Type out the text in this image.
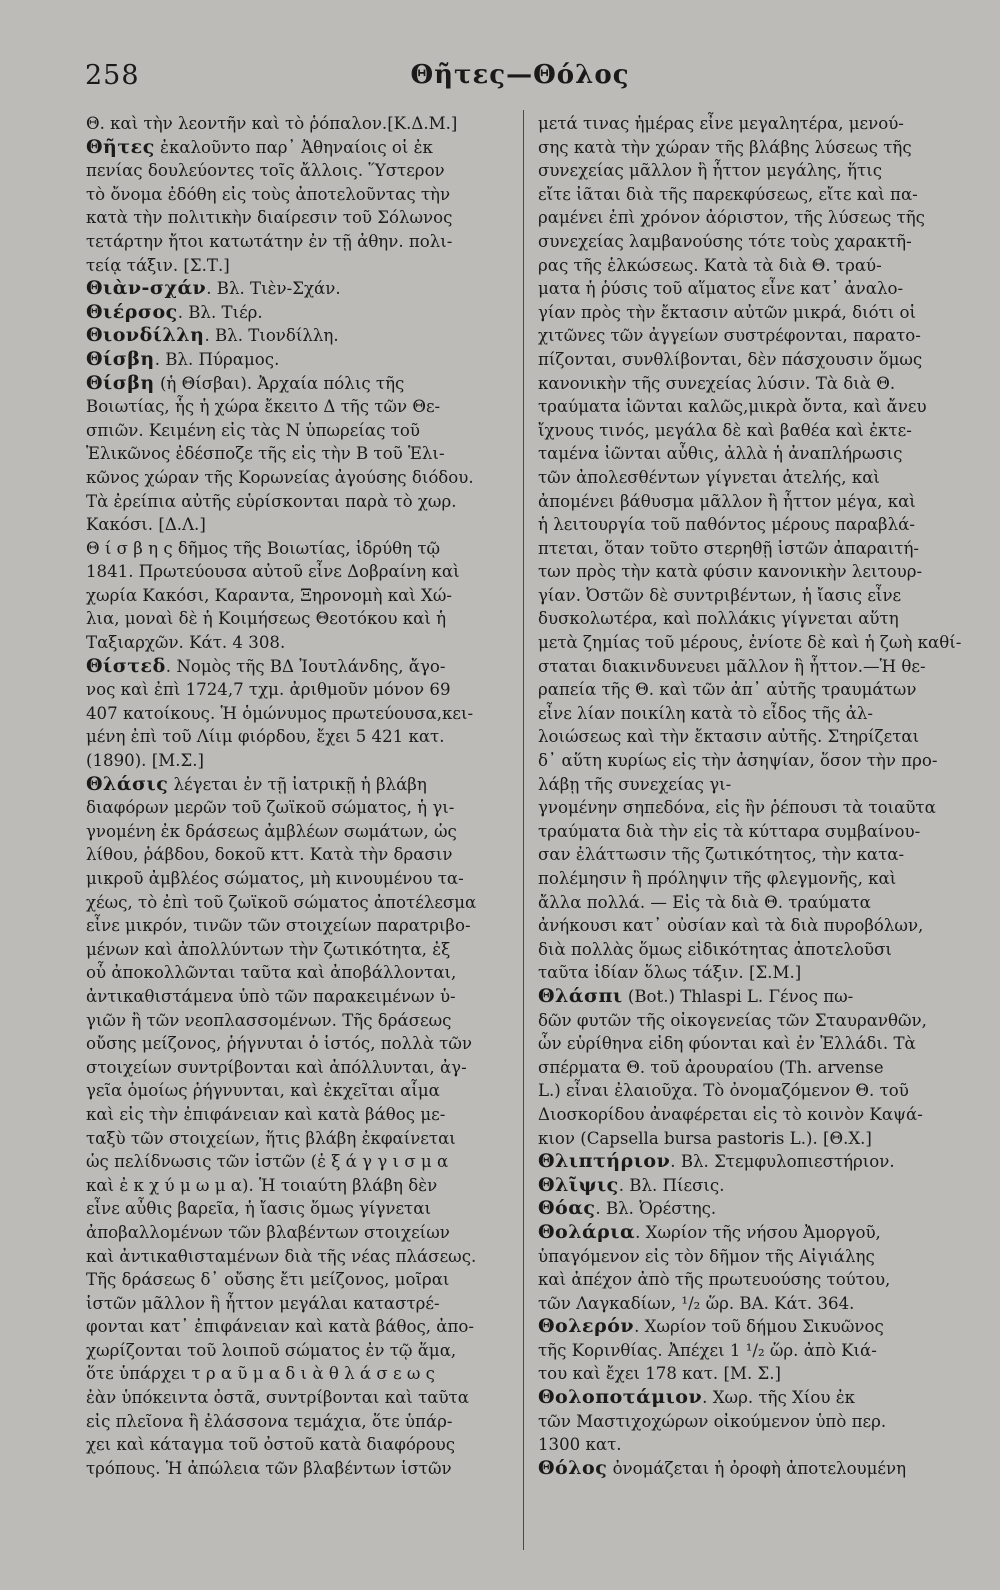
258	Θῆτες—Θόλος
Θ. καὶ τὴν λεοντῆν καὶ τὸ ῥόπαλον.[Κ.Δ.Μ.]
Θῆτες ἐκαλοῦντο παρ᾽ Ἀθηναίοις οἱ ἐκ
πενίας δουλεύοντες τοῖς ἄλλοις. Ὕστερον
τὸ ὄνομα ἐδόθη εἰς τοὺς ἀποτελοῦντας τὴν
κατὰ τὴν πολιτικὴν διαίρεσιν τοῦ Σόλωνος
τετάρτην ἤτοι κατωτάτην ἐν τῇ ἀθην. πολι-
τείᾳ τάξιν. [Σ.Τ.]
Θιὰν-σχάν. Βλ. Τιὲν-Σχάν.
Θιέρσος. Βλ. Τιέρ.
Θιονδίλλη. Βλ. Τιονδίλλη.
Θίσβη. Βλ. Πύραμος.
Θίσβη (ἡ Θίσβαι). Ἀρχαία πόλις τῆς
Βοιωτίας, ἧς ἡ χώρα ἔκειτο Δ τῆς τῶν Θε-
σπιῶν. Κειμένη εἰς τὰς Ν ὑπωρείας τοῦ
Ἑλικῶνος ἐδέσποζε τῆς εἰς τὴν Β τοῦ Ἑλι-
κῶνος χώραν τῆς Κορωνείας ἀγούσης διόδου.
Τὰ ἐρείπια αὐτῆς εὑρίσκονται παρὰ τὸ χωρ.
Κακόσι. [Δ.Λ.]
Θ ί σ β η ς δῆμος τῆς Βοιωτίας, ἱδρύθη τῷ
1841. Πρωτεύουσα αὐτοῦ εἶνε Δοβραίνη καὶ
χωρία Κακόσι, Καραντα, Ξηρονομὴ καὶ Χώ-
λια, μοναὶ δὲ ἡ Κοιμήσεως Θεοτόκου καὶ ἡ
Ταξιαρχῶν. Κάτ. 4 308.
Θίστεδ. Νομὸς τῆς ΒΔ Ἰουτλάνδης, ἄγο-
νος καὶ ἐπὶ 1724,7 τχμ. ἀριθμοῦν μόνον 69
407 κατοίκους. Ἡ ὁμώνυμος πρωτεύουσα,κει-
μένη ἐπὶ τοῦ Λίιμ φιόρδου, ἔχει 5 421 κατ.
(1890). [Μ.Σ.]
Θλάσις λέγεται ἐν τῇ ἰατρικῇ ἡ βλάβη
διαφόρων μερῶν τοῦ ζωϊκοῦ σώματος, ἡ γι-
γνομένη ἐκ δράσεως ἀμβλέων σωμάτων, ὡς
λίθου, ῥάβδου, δοκοῦ κττ. Κατὰ τὴν δρασιν
μικροῦ ἀμβλέος σώματος, μὴ κινουμένου τα-
χέως, τὸ ἐπὶ τοῦ ζωϊκοῦ σώματος ἀποτέλεσμα
εἶνε μικρόν, τινῶν τῶν στοιχείων παρατριβο-
μένων καὶ ἀπολλύντων τὴν ζωτικότητα, ἐξ
οὗ ἀποκολλῶνται ταῦτα καὶ ἀποβάλλονται,
ἀντικαθιστάμενα ὑπὸ τῶν παρακειμένων ὑ-
γιῶν ἢ τῶν νεοπλασσομένων. Τῆς δράσεως
οὔσης μείζονος, ῥήγνυται ὁ ἱστός, πολλὰ τῶν
στοιχείων συντρίβονται καὶ ἀπόλλυνται, ἀγ-
γεῖα ὁμοίως ῥήγνυνται, καὶ ἐκχεῖται αἷμα
καὶ εἰς τὴν ἐπιφάνειαν καὶ κατὰ βάθος με-
ταξὺ τῶν στοιχείων, ἥτις βλάβη ἐκφαίνεται
ὡς πελίδνωσις τῶν ἱστῶν (ἐ ξ ά γ γ ι σ μ α
καὶ ἐ κ χ ύ μ ω μ α). Ἡ τοιαύτη βλάβη δὲν
εἶνε αὖθις βαρεῖα, ἡ ἴασις ὅμως γίγνεται
ἀποβαλλομένων τῶν βλαβέντων στοιχείων
καὶ ἀντικαθισταμένων διὰ τῆς νέας πλάσεως.
Τῆς δράσεως δ᾽ οὔσης ἔτι μείζονος, μοῖραι
ἱστῶν μᾶλλον ἢ ἧττον μεγάλαι καταστρέ-
φονται κατ᾽ ἐπιφάνειαν καὶ κατὰ βάθος, ἀπο-
χωρίζονται τοῦ λοιποῦ σώματος ἐν τῷ ἅμα,
ὅτε ὑπάρχει τ ρ α ῦ μ α δ ι ὰ θ λ ά σ ε ω ς
ἐὰν ὑπόκειντα ὀστᾶ, συντρίβονται καὶ ταῦτα
εἰς πλεῖονα ἢ ἐλάσσονα τεμάχια, ὅτε ὑπάρ-
χει καὶ κάταγμα τοῦ ὀστοῦ κατὰ διαφόρους
τρόπους. Ἡ ἀπώλεια τῶν βλαβέντων ἱστῶν
μετά τινας ἡμέρας εἶνε μεγαλητέρα, μενού-
σης κατὰ τὴν χώραν τῆς βλάβης λύσεως τῆς
συνεχείας μᾶλλον ἢ ἧττον μεγάλης, ἥτις
εἴτε ἰᾶται διὰ τῆς παρεκφύσεως, εἴτε καὶ πα-
ραμένει ἐπὶ χρόνον ἀόριστον, τῆς λύσεως τῆς
συνεχείας λαμβανούσης τότε τοὺς χαρακτῆ-
ρας τῆς ἑλκώσεως. Κατὰ τὰ διὰ Θ. τραύ-
ματα ἡ ῥύσις τοῦ αἵματος εἶνε κατ᾽ ἀναλο-
γίαν πρὸς τὴν ἔκτασιν αὐτῶν μικρά, διότι οἱ
χιτῶνες τῶν ἀγγείων συστρέφονται, παρατο-
πίζονται, συνθλίβονται, δὲν πάσχουσιν ὅμως
κανονικὴν τῆς συνεχείας λύσιν. Τὰ διὰ Θ.
τραύματα ἰῶνται καλῶς,μικρὰ ὄντα, καὶ ἄνευ
ἴχνους τινός, μεγάλα δὲ καὶ βαθέα καὶ ἐκτε-
ταμένα ἰῶνται αὖθις, ἀλλὰ ἡ ἀναπλήρωσις
τῶν ἀπολεσθέντων γίγνεται ἀτελής, καὶ
ἀπομένει βάθυσμα μᾶλλον ἢ ἧττον μέγα, καὶ
ἡ λειτουργία τοῦ παθόντος μέρους παραβλά-
πτεται, ὅταν τοῦτο στερηθῇ ἱστῶν ἀπαραιτή-
των πρὸς τὴν κατὰ φύσιν κανονικὴν λειτουρ-
γίαν. Ὀστῶν δὲ συντριβέντων, ἡ ἴασις εἶνε
δυσκολωτέρα, καὶ πολλάκις γίγνεται αὕτη
μετὰ ζημίας τοῦ μέρους, ἐνίοτε δὲ καὶ ἡ ζωὴ καθί-
σταται διακινδυνευει μᾶλλον ἢ ἧττον.—Ἡ θε-
ραπεία τῆς Θ. καὶ τῶν ἀπ᾽ αὐτῆς τραυμάτων
εἶνε λίαν ποικίλη κατὰ τὸ εἶδος τῆς ἀλ-
λοιώσεως καὶ τὴν ἔκτασιν αὐτῆς. Στηρίζεται
δ᾽ αὕτη κυρίως εἰς τὴν ἀσηψίαν, ὅσον τὴν προ-
λάβῃ τῆς συνεχείας γι-
γνομένην σηπεδόνα, εἰς ἣν ῥέπουσι τὰ τοιαῦτα
τραύματα διὰ τὴν εἰς τὰ κύτταρα συμβαίνου-
σαν ἐλάττωσιν τῆς ζωτικότητος, τὴν κατα-
πολέμησιν ἢ πρόληψιν τῆς φλεγμονῆς, καὶ
ἄλλα πολλά. — Εἰς τὰ διὰ Θ. τραύματα
ἀνήκουσι κατ᾽ οὐσίαν καὶ τὰ διὰ πυροβόλων,
διὰ πολλὰς ὅμως εἰδικότητας ἀποτελοῦσι
ταῦτα ἰδίαν ὅλως τάξιν. [Σ.Μ.]
Θλάσπι (Bot.) Thlaspi L. Γένος πω-
δῶν φυτῶν τῆς οἰκογενείας τῶν Σταυρανθῶν,
ὧν εὑρίθηνα εἰδη φύονται καὶ ἐν Ἑλλάδι. Τὰ
σπέρματα Θ. τοῦ ἀρουραίου (Th. arvense
L.) εἶναι ἐλαιοῦχα. Τὸ ὀνομαζόμενον Θ. τοῦ
Διοσκορίδου ἀναφέρεται εἰς τὸ κοινὸν Καψά-
κιον (Capsella bursa pastoris L.). [Θ.Χ.]
Θλιπτήριον. Βλ. Στεμφυλοπιεστήριον.
Θλῖψις. Βλ. Πίεσις.
Θόας. Βλ. Ὀρέστης.
Θολάρια. Χωρίον τῆς νήσου Ἀμοργοῦ,
ὑπαγόμενον εἰς τὸν δῆμον τῆς Αἰγιάλης
καὶ ἀπέχον ἀπὸ τῆς πρωτευούσης τούτου,
τῶν Λαγκαδίων, ¹/₂ ὥρ. ΒΑ. Κάτ. 364.
Θολερόν. Χωρίον τοῦ δήμου Σικυῶνος
τῆς Κορινθίας. Ἀπέχει 1 ¹/₂ ὥρ. ἀπὸ Κιά-
του καὶ ἔχει 178 κατ. [Μ. Σ.]
Θολοποτάμιον. Χωρ. τῆς Χίου ἐκ
τῶν Μαστιχοχώρων οἰκούμενον ὑπὸ περ.
1300 κατ.
Θόλος ὀνομάζεται ἡ ὀροφὴ ἀποτελουμένη
